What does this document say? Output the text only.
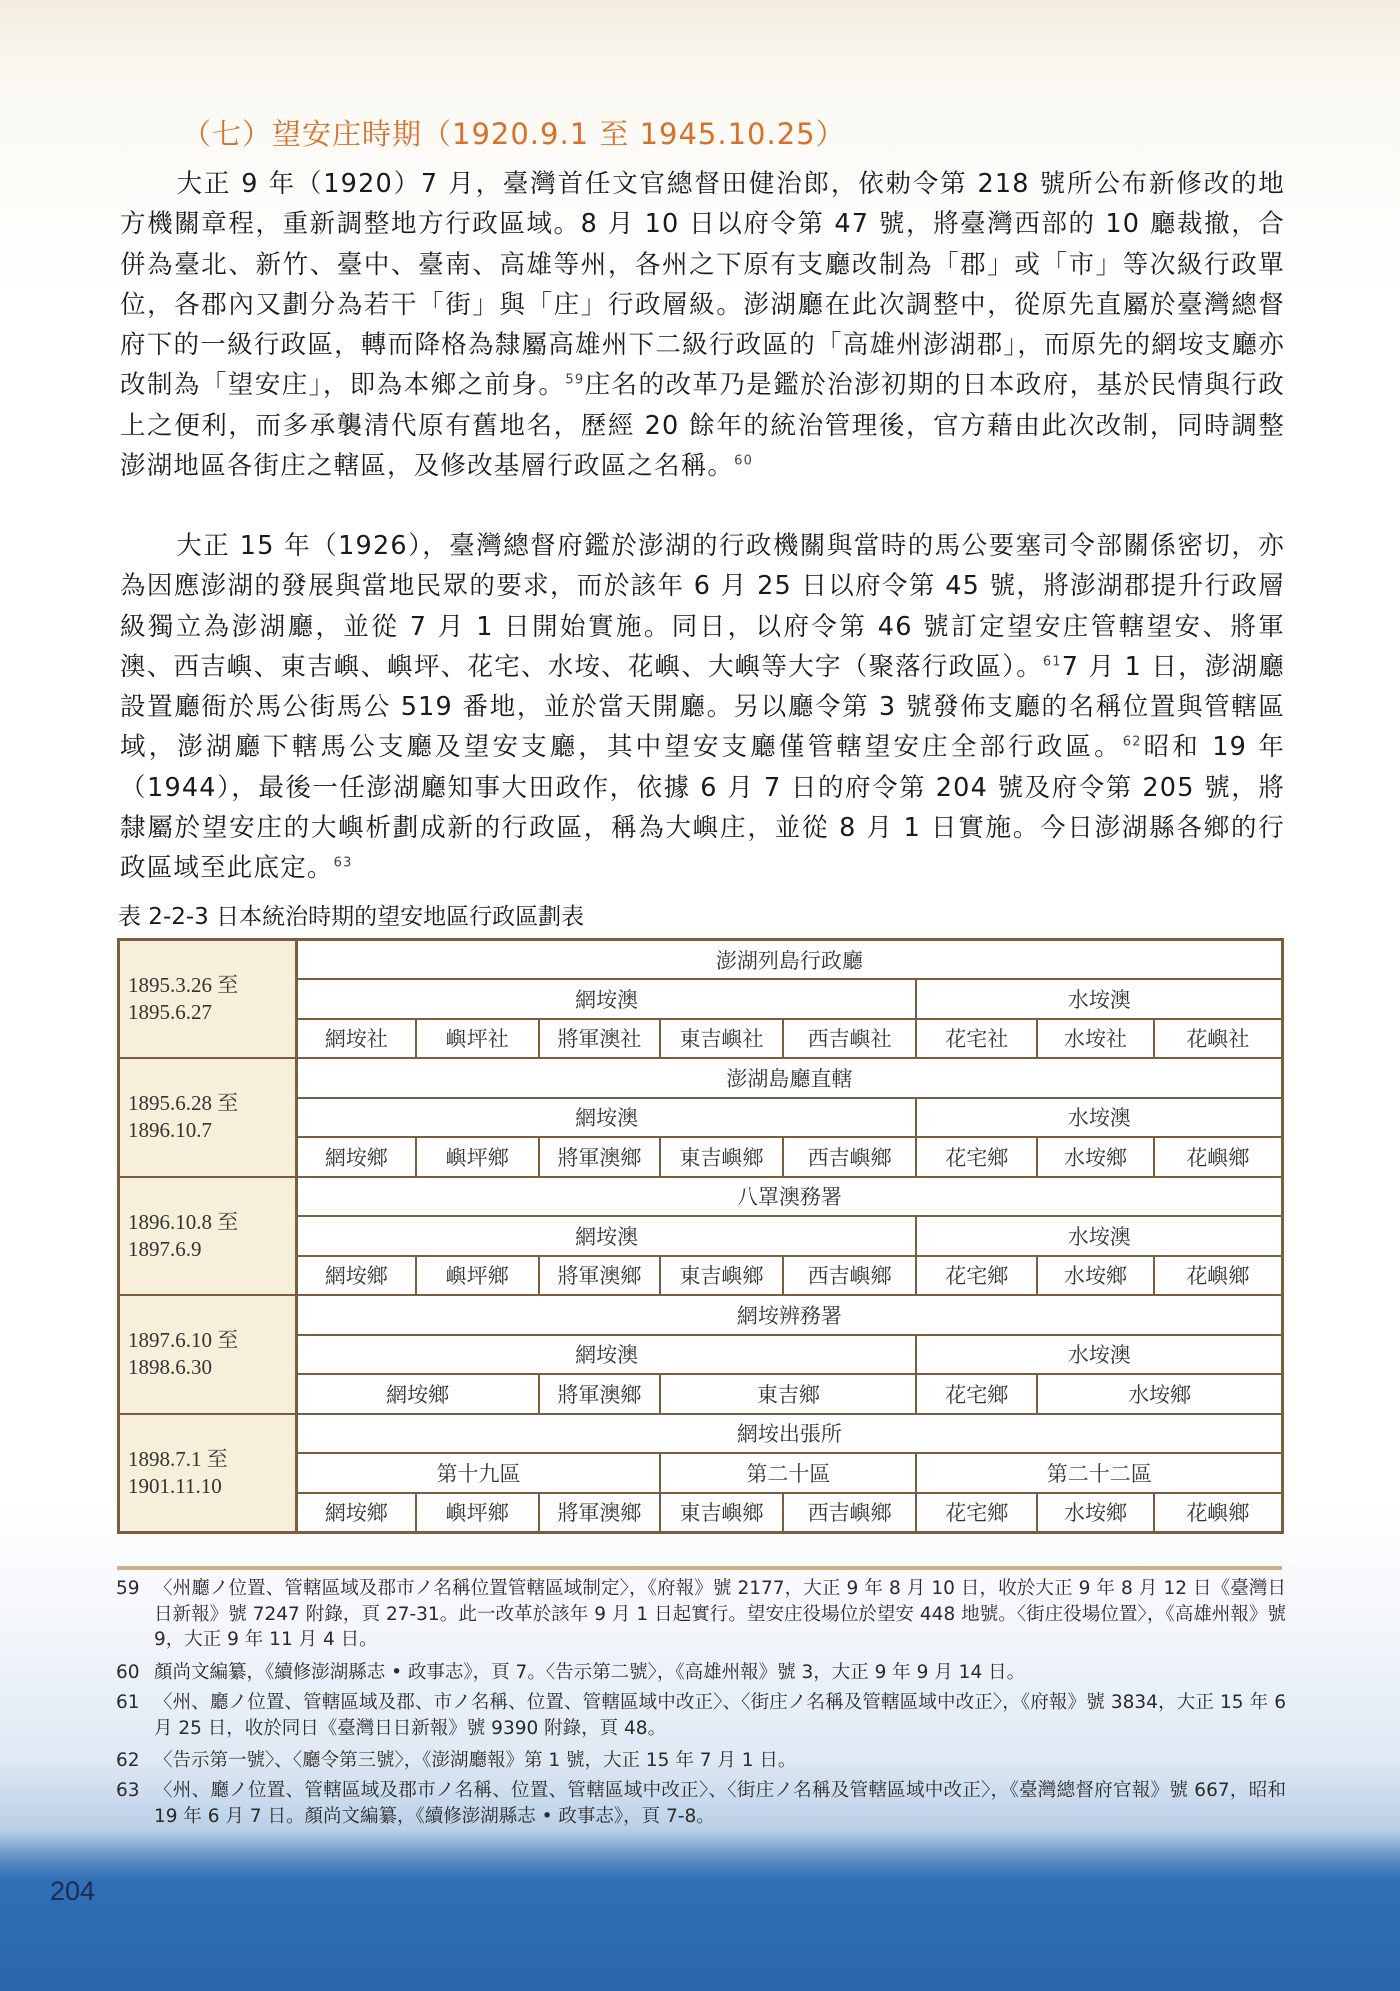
（七）望安庄時期（1920.9.1 至 1945.10.25）
大正 9 年（1920）7 月，臺灣首任文官總督田健治郎，依勅令第 218 號所公布新修改的地方機關章程，重新調整地方行政區域。8 月 10 日以府令第 47 號，將臺灣西部的 10 廳裁撤，合併為臺北、新竹、臺中、臺南、高雄等州，各州之下原有支廳改制為「郡」或「市」等次級行政單位，各郡內又劃分為若干「街」與「庄」行政層級。澎湖廳在此次調整中，從原先直屬於臺灣總督府下的一級行政區，轉而降格為隸屬高雄州下二級行政區的「高雄州澎湖郡」，而原先的網垵支廳亦改制為「望安庄」，即為本鄉之前身。$^{59}$庄名的改革乃是鑑於治澎初期的日本政府，基於民情與行政上之便利，而多承襲清代原有舊地名，歷經 20 餘年的統治管理後，官方藉由此次改制，同時調整澎湖地區各街庄之轄區，及修改基層行政區之名稱。$^{60}$
大正 15 年（1926），臺灣總督府鑑於澎湖的行政機關與當時的馬公要塞司令部關係密切，亦為因應澎湖的發展與當地民眾的要求，而於該年 6 月 25 日以府令第 45 號，將澎湖郡提升行政層級獨立為澎湖廳，並從 7 月 1 日開始實施。同日，以府令第 46 號訂定望安庄管轄望安、將軍澳、西吉嶼、東吉嶼、嶼坪、花宅、水垵、花嶼、大嶼等大字（聚落行政區）。$^{61}$7 月 1 日，澎湖廳設置廳衙於馬公街馬公 519 番地，並於當天開廳。另以廳令第 3 號發佈支廳的名稱位置與管轄區域，澎湖廳下轄馬公支廳及望安支廳，其中望安支廳僅管轄望安庄全部行政區。$^{62}$昭和 19 年（1944），最後一任澎湖廳知事大田政作，依據 6 月 7 日的府令第 204 號及府令第 205 號，將隸屬於望安庄的大嶼析劃成新的行政區，稱為大嶼庄，並從 8 月 1 日實施。今日澎湖縣各鄉的行政區域至此底定。$^{63}$
表 2-2-3 日本統治時期的望安地區行政區劃表
1895.3.26 至
1895.6.27	澎湖列島行政廳							
	網垵澳					水垵澳		
	網垵社	嶼坪社	將軍澳社	東吉嶼社	西吉嶼社	花宅社	水垵社	花嶼社

1895.6.28 至
1896.10.7	澎湖島廳直轄							
	網垵澳					水垵澳		
	網垵鄉	嶼坪鄉	將軍澳鄉	東吉嶼鄉	西吉嶼鄉	花宅鄉	水垵鄉	花嶼鄉

1896.10.8 至
1897.6.9	八罩澳務署							
	網垵澳					水垵澳		
	網垵鄉	嶼坪鄉	將軍澳鄉	東吉嶼鄉	西吉嶼鄉	花宅鄉	水垵鄉	花嶼鄉

1897.6.10 至
1898.6.30	網垵辨務署							
	網垵澳					水垵澳		
	網垵鄉		將軍澳鄉	東吉鄉		花宅鄉	水垵鄉	

1898.7.1 至
1901.11.10	網垵出張所							
	第十九區			第二十區		第二十二區		
	網垵鄉	嶼坪鄉	將軍澳鄉	東吉嶼鄉	西吉嶼鄉	花宅鄉	水垵鄉	花嶼鄉
59 〈州廳ノ位置、管轄區域及郡市ノ名稱位置管轄區域制定〉，《府報》號 2177，大正 9 年 8 月 10 日，收於大正 9 年 8 月 12 日《臺灣日日新報》號 7247 附錄，頁 27-31。此一改革於該年 9 月 1 日起實行。望安庄役場位於望安 448 地號。〈街庄役場位置〉，《高雄州報》號 9，大正 9 年 11 月 4 日。
60 顏尚文編纂，《續修澎湖縣志 • 政事志》，頁 7。〈告示第二號〉，《高雄州報》號 3，大正 9 年 9 月 14 日。
61 〈州、廳ノ位置、管轄區域及郡、市ノ名稱、位置、管轄區域中改正〉、〈街庄ノ名稱及管轄區域中改正〉，《府報》號 3834，大正 15 年 6 月 25 日，收於同日《臺灣日日新報》號 9390 附錄，頁 48。
62 〈告示第一號〉、〈廳令第三號〉，《澎湖廳報》第 1 號，大正 15 年 7 月 1 日。
63 〈州、廳ノ位置、管轄區域及郡市ノ名稱、位置、管轄區域中改正〉、〈街庄ノ名稱及管轄區域中改正〉，《臺灣總督府官報》號 667，昭和 19 年 6 月 7 日。顏尚文編纂，《續修澎湖縣志 • 政事志》，頁 7-8。
204
